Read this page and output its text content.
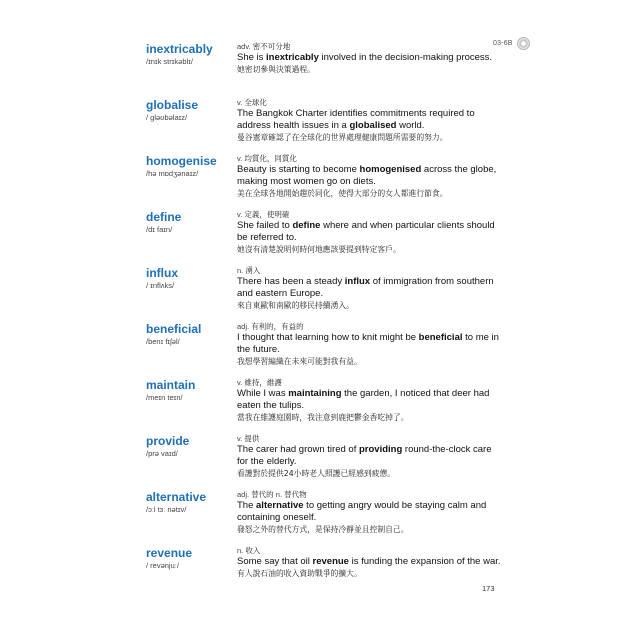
03-6B
inextricably
/ɪnɪk strɪkəblɪ/
adv. 密不可分地
She is inextricably involved in the decision-making process.
她密切參與決策過程。
globalise
/ ɡləʊbəlaɪz/
v. 全球化
The Bangkok Charter identifies commitments required to address health issues in a globalised world.
曼谷憲章確認了在全球化的世界處理健康問題所需要的努力。
homogenise
/hə mɒdʒənaɪz/
v. 均質化，同質化
Beauty is starting to become homogenised across the globe, making most women go on diets.
美在全球各地開始趨於同化，使得大部分的女人都進行節食。
define
/dɪ faɪn/
v. 定義，使明確
She failed to define where and when particular clients should be referred to.
她沒有清楚說明何時何地應該要提到特定客戶。
influx
/ ɪnflʌks/
n. 湧入
There has been a steady influx of immigration from southern and eastern Europe.
來自東歐和南歐的移民持續湧入。
beneficial
/benɪ fɪʃəl/
adj. 有利的，有益的
I thought that learning how to knit might be beneficial to me in the future.
我想學習編織在未來可能對我有益。
maintain
/meɪn teɪn/
v. 維持，維護
While I was maintaining the garden, I noticed that deer had eaten the tulips.
當我在維護庭園時，我注意到鹿把鬱金香吃掉了。
provide
/prə vaɪd/
v. 提供
The carer had grown tired of providing round-the-clock care for the elderly.
看護對於提供24小時老人照護已經感到疲憊。
alternative
/ɔːl tɜː nətɪv/
adj. 替代的 n. 替代物
The alternative to getting angry would be staying calm and containing oneself.
發怒之外的替代方式，是保持冷靜並且控制自己。
revenue
/ revənjuː/
n. 收入
Some say that oil revenue is funding the expansion of the war.
有人說石油的收入資助戰爭的擴大。
173
